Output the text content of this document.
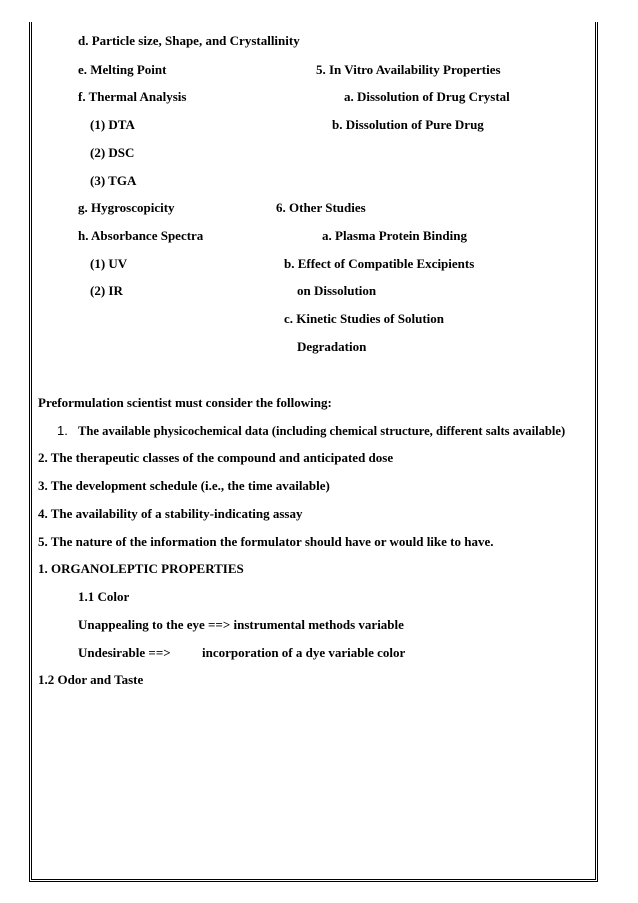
d. Particle size, Shape, and Crystallinity
e. Melting Point	5. In Vitro Availability Properties
f. Thermal Analysis	a. Dissolution of Drug Crystal
(1) DTA	b. Dissolution of Pure Drug
(2) DSC
(3) TGA
g. Hygroscopicity	6. Other Studies
h. Absorbance Spectra	a. Plasma Protein Binding
(1) UV	b. Effect of Compatible Excipients
(2) IR	on Dissolution
c. Kinetic Studies of Solution
Degradation
Preformulation scientist must consider the following:
1. The available physicochemical data (including chemical structure, different salts available)
2. The therapeutic classes of the compound and anticipated dose
3. The development schedule (i.e., the time available)
4. The availability of a stability-indicating assay
5. The nature of the information the formulator should have or would like to have.
1. ORGANOLEPTIC PROPERTIES
1.1 Color
Unappealing to the eye ==> instrumental methods variable
Undesirable ==> incorporation of a dye variable color
1.2 Odor and Taste
